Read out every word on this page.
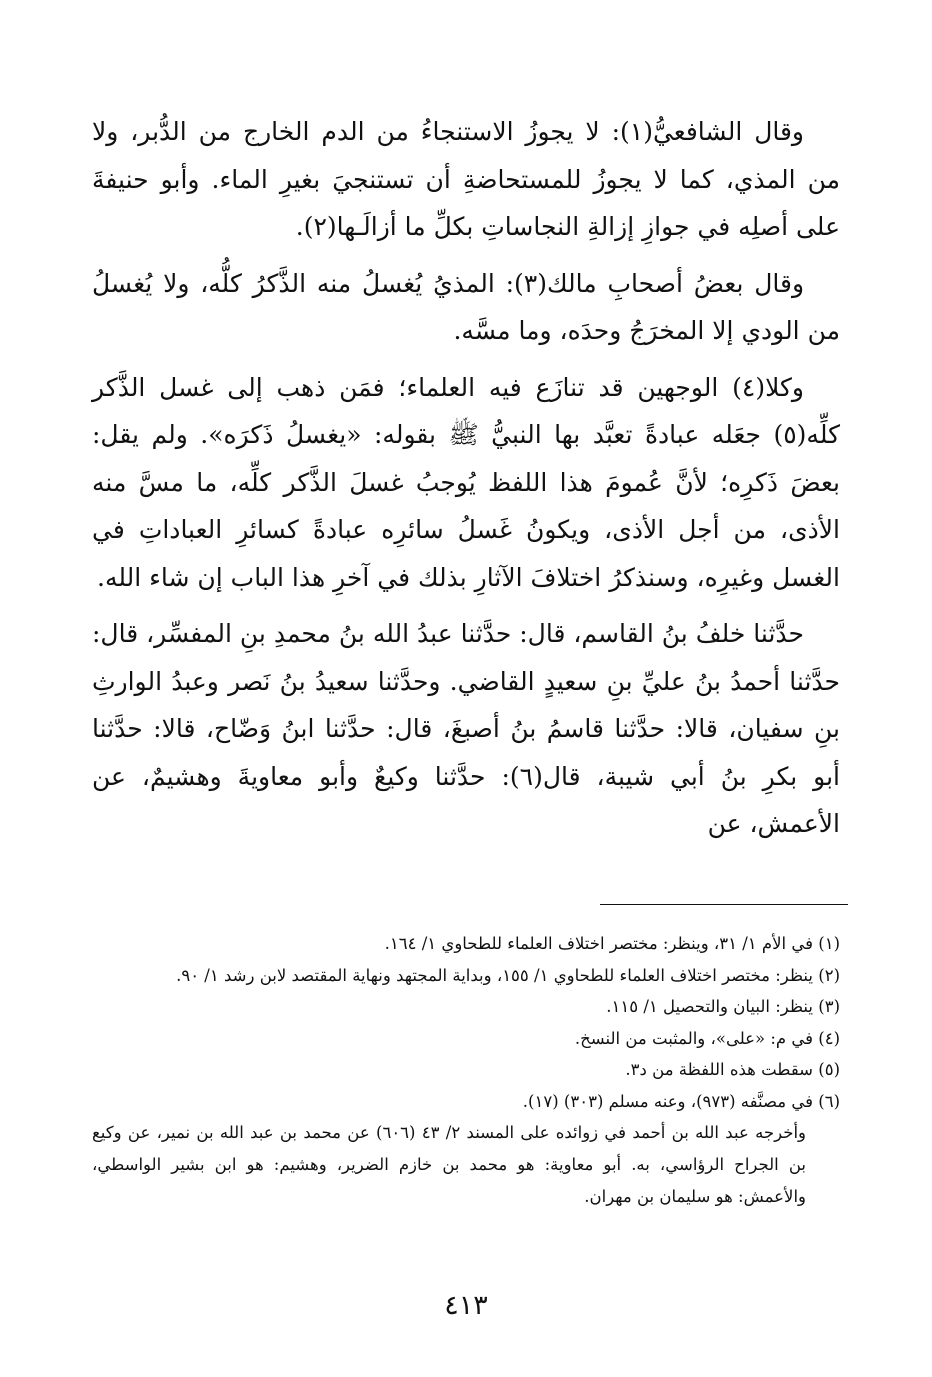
وقال الشافعيُّ(١): لا يجوزُ الاستنجاءُ من الدم الخارج من الدُّبر، ولا من المذي، كما لا يجوزُ للمستحاضةِ أن تستنجيَ بغيرِ الماء. وأبو حنيفةَ على أصلِه في جوازِ إزالةِ النجاساتِ بكلِّ ما أزالَـها(٢).

وقال بعضُ أصحابِ مالك(٣): المذيُ يُغسلُ منه الذَّكرُ كلُّه، ولا يُغسلُ من الودي إلا المخرَجُ وحدَه، وما مسَّه.

وكلا(٤) الوجهين قد تنازَع فيه العلماء؛ فمَن ذهب إلى غسل الذَّكر كلِّه(٥) جعَله عبادةً تعبَّد بها النبيُّ ﷺ بقوله: «يغسلُ ذَكرَه». ولم يقل: بعضَ ذَكرِه؛ لأنَّ عُمومَ هذا اللفظ يُوجبُ غسلَ الذَّكر كلِّه، ما مسَّ منه الأذى، من أجل الأذى، ويكونُ غَسلُ سائرِه عبادةً كسائرِ العباداتِ في الغسل وغيرِه، وسنذكرُ اختلافَ الآثارِ بذلك في آخرِ هذا الباب إن شاء الله.

حدَّثنا خلفُ بنُ القاسم، قال: حدَّثنا عبدُ الله بنُ محمدِ بنِ المفسِّر، قال: حدَّثنا أحمدُ بنُ عليِّ بنِ سعيدٍ القاضي. وحدَّثنا سعيدُ بنُ نَصر وعبدُ الوارثِ بنِ سفيان، قالا: حدَّثنا قاسمُ بنُ أصبغَ، قال: حدَّثنا ابنُ وَضّاح، قالا: حدَّثنا أبو بكرِ بنُ أبي شيبة، قال(٦): حدَّثنا وكيعٌ وأبو معاويةَ وهشيمٌ، عن الأعمش، عن

(١) في الأم ١/ ٣١، وينظر: مختصر اختلاف العلماء للطحاوي ١/ ١٦٤.

(٢) ينظر: مختصر اختلاف العلماء للطحاوي ١/ ١٥٥، وبداية المجتهد ونهاية المقتصد لابن رشد ١/ ٩٠.

(٣) ينظر: البيان والتحصيل ١/ ١١٥.

(٤) في م: «على»، والمثبت من النسخ.

(٥) سقطت هذه اللفظة من د٣.

(٦) في مصنَّفه (٩٧٣)، وعنه مسلم (٣٠٣) (١٧).

وأخرجه عبد الله بن أحمد في زوائده على المسند ٢/ ٤٣ (٦٠٦) عن محمد بن عبد الله بن نمير، عن وكيع بن الجراح الرؤاسي، به. أبو معاوية: هو محمد بن خازم الضرير، وهشيم: هو ابن بشير الواسطي، والأعمش: هو سليمان بن مهران.

٤١٣
